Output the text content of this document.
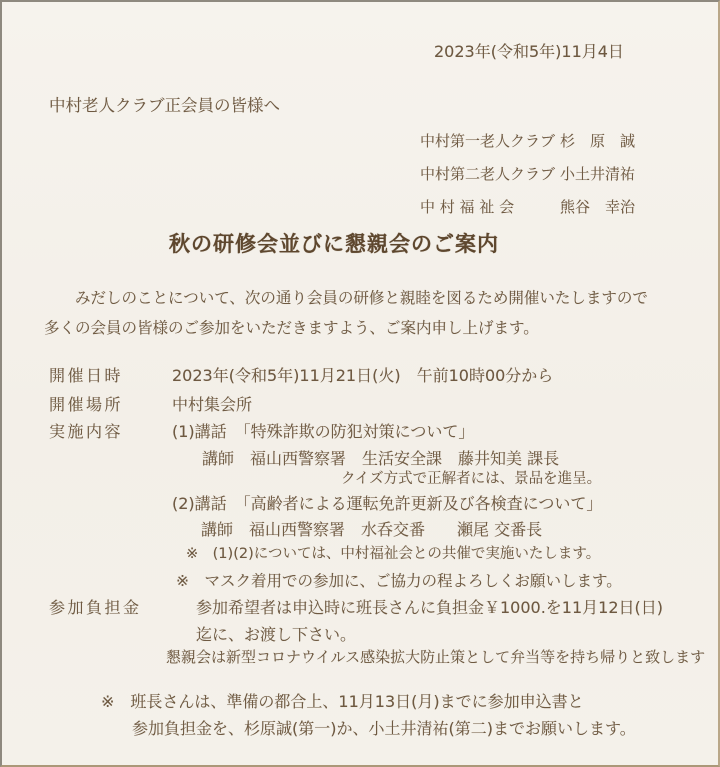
2023年(令和5年)11月4日
中村老人クラブ正会員の皆様へ
中村第一老人クラブ 杉　原　誠
中村第二老人クラブ 小土井清祐
中 村 福 祉 会	熊谷　幸治
秋の研修会並びに懇親会のご案内
みだしのことについて、次の通り会員の研修と親睦を図るため開催いたしますので
多くの会員の皆様のご参加をいただきますよう、ご案内申し上げます。
開催日時	2023年(令和5年)11月21日(火)　午前10時00分から
開催場所	中村集会所
実施内容	(1)講話　「特殊詐欺の防犯対策について」
講師　福山西警察署　生活安全課　藤井知美 課長
クイズ方式で正解者には、景品を進呈。
(2)講話　「高齢者による運転免許更新及び各検査について」
講師　福山西警察署　水呑交番　　瀬尾 交番長
※　(1)(2)については、中村福祉会との共催で実施いたします。
※　マスク着用での参加に、ご協力の程よろしくお願いします。
参加負担金	参加希望者は申込時に班長さんに負担金￥1000.を11月12日(日)
迄に、お渡し下さい。
懇親会は新型コロナウイルス感染拡大防止策として弁当等を持ち帰りと致します
※　班長さんは、準備の都合上、11月13日(月)までに参加申込書と
参加負担金を、杉原誠(第一)か、小土井清祐(第二)までお願いします。
